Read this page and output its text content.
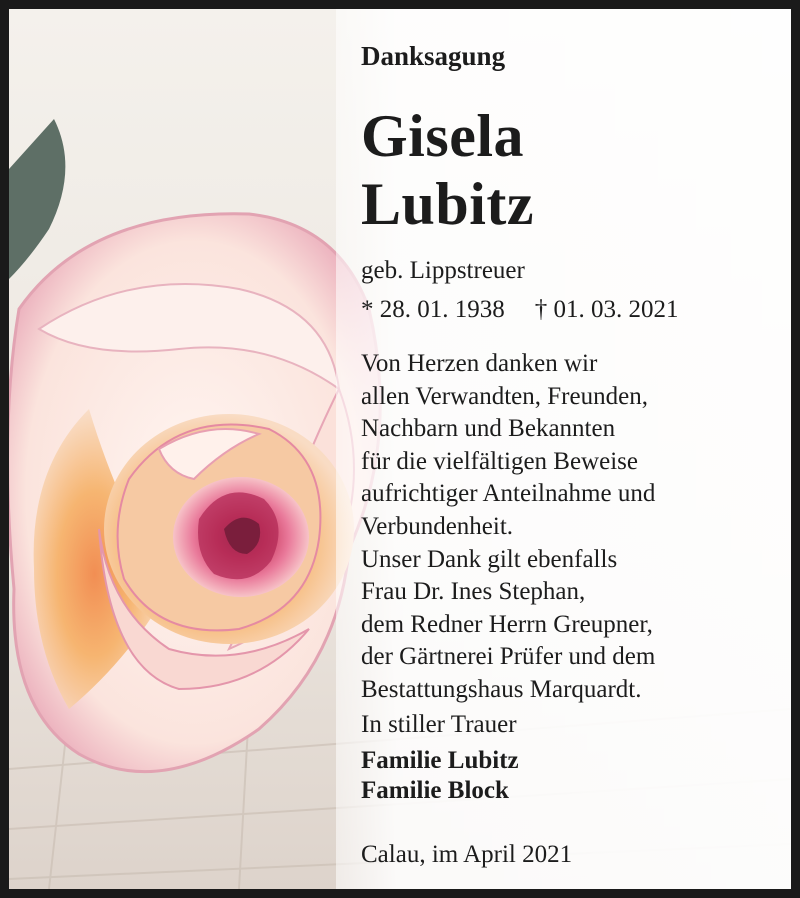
Danksagung
Gisela
Lubitz
geb. Lippstreuer
* 28. 01. 1938 † 01. 03. 2021
Von Herzen danken wir
allen Verwandten, Freunden,
Nachbarn und Bekannten
für die vielfältigen Beweise
aufrichtiger Anteilnahme und
Verbundenheit.
Unser Dank gilt ebenfalls
Frau Dr. Ines Stephan,
dem Redner Herrn Greupner,
der Gärtnerei Prüfer und dem
Bestattungshaus Marquardt.
In stiller Trauer
Familie Lubitz
Familie Block
Calau, im April 2021
